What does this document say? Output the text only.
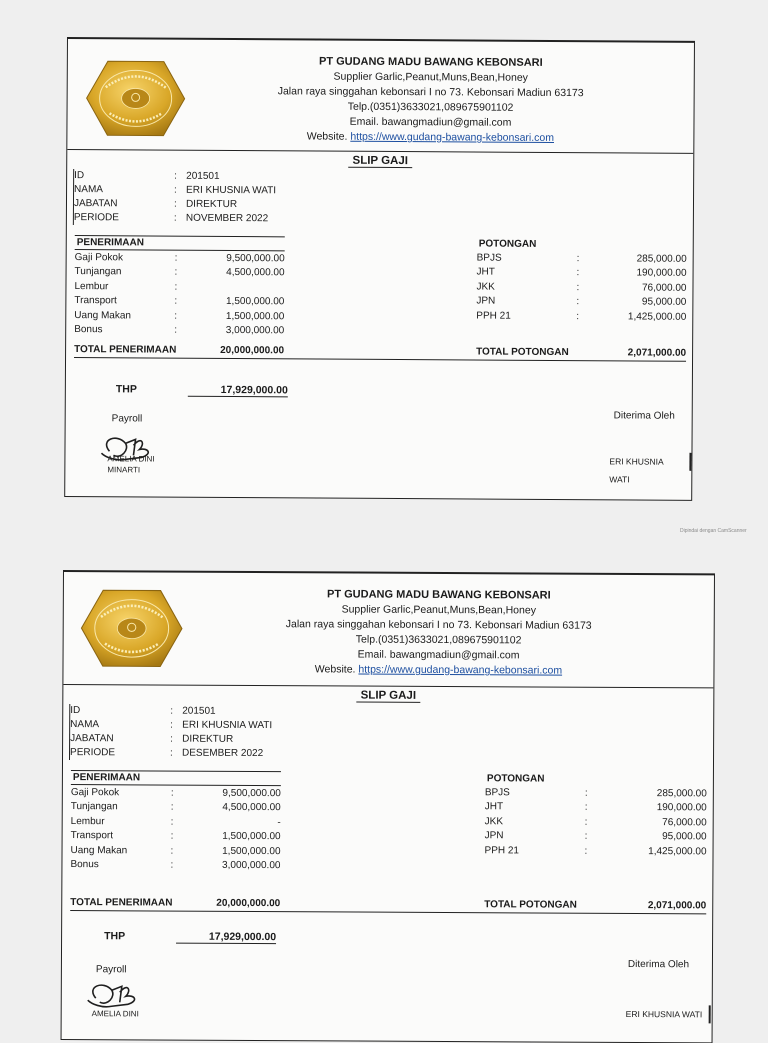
PT GUDANG MADU BAWANG KEBONSARI
Supplier Garlic,Peanut,Muns,Bean,Honey
Jalan raya singgahan kebonsari I no 73. Kebonsari Madiun 63173
Telp.(0351)3633021,089675901102
Email. bawangmadiun@gmail.com
Website. https://www.gudang-bawang-kebonsari.com
SLIP GAJI
ID	: 201501
NAMA	: ERI KHUSNIA WATI
JABATAN	: DIREKTUR
PERIODE	: NOVEMBER 2022
PENERIMAAN
Gaji Pokok	:	9,500,000.00
Tunjangan	:	4,500,000.00
Lembur	:
Transport	:	1,500,000.00
Uang Makan	:	1,500,000.00
Bonus	:	3,000,000.00
POTONGAN
BPJS	:	285,000.00
JHT	:	190,000.00
JKK	:	76,000.00
JPN	:	95,000.00
PPH 21	:	1,425,000.00
TOTAL PENERIMAAN	20,000,000.00	TOTAL POTONGAN	2,071,000.00
THP	17,929,000.00
Payroll
AMELIA DINI
MINARTI
Diterima Oleh
ERI KHUSNIA WATI
Dipindai dengan CamScanner
PT GUDANG MADU BAWANG KEBONSARI
Supplier Garlic,Peanut,Muns,Bean,Honey
Jalan raya singgahan kebonsari I no 73. Kebonsari Madiun 63173
Telp.(0351)3633021,089675901102
Email. bawangmadiun@gmail.com
Website. https://www.gudang-bawang-kebonsari.com
SLIP GAJI
ID	: 201501
NAMA	: ERI KHUSNIA WATI
JABATAN	: DIREKTUR
PERIODE	: DESEMBER 2022
PENERIMAAN
Gaji Pokok	:	9,500,000.00
Tunjangan	:	4,500,000.00
Lembur	:	-
Transport	:	1,500,000.00
Uang Makan	:	1,500,000.00
Bonus	:	3,000,000.00
POTONGAN
BPJS	:	285,000.00
JHT	:	190,000.00
JKK	:	76,000.00
JPN	:	95,000.00
PPH 21	:	1,425,000.00
TOTAL PENERIMAAN	20,000,000.00	TOTAL POTONGAN	2,071,000.00
THP	17,929,000.00
Payroll
AMELIA DINI
Diterima Oleh
ERI KHUSNIA WATI
